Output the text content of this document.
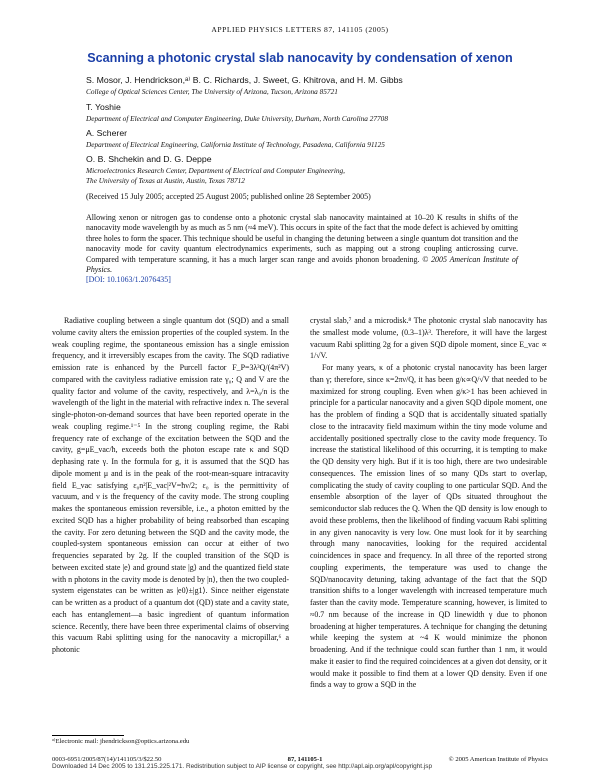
APPLIED PHYSICS LETTERS 87, 141105 (2005)
Scanning a photonic crystal slab nanocavity by condensation of xenon
S. Mosor, J. Hendrickson,ᵃ⁾ B. C. Richards, J. Sweet, G. Khitrova, and H. M. Gibbs
College of Optical Sciences Center, The University of Arizona, Tucson, Arizona 85721
T. Yoshie
Department of Electrical and Computer Engineering, Duke University, Durham, North Carolina 27708
A. Scherer
Department of Electrical Engineering, California Institute of Technology, Pasadena, California 91125
O. B. Shchekin and D. G. Deppe
Microelectronics Research Center, Department of Electrical and Computer Engineering,
The University of Texas at Austin, Austin, Texas 78712
(Received 15 July 2005; accepted 25 August 2005; published online 28 September 2005)
Allowing xenon or nitrogen gas to condense onto a photonic crystal slab nanocavity maintained at 10–20 K results in shifts of the nanocavity mode wavelength by as much as 5 nm (≈4 meV). This occurs in spite of the fact that the mode defect is achieved by omitting three holes to form the spacer. This technique should be useful in changing the detuning between a single quantum dot transition and the nanocavity mode for cavity quantum electrodynamics experiments, such as mapping out a strong coupling anticrossing curve. Compared with temperature scanning, it has a much larger scan range and avoids phonon broadening. © 2005 American Institute of Physics.
[DOI: 10.1063/1.2076435]

Radiative coupling between a single quantum dot (SQD) and a small volume cavity alters the emission properties of the coupled system. In the weak coupling regime, the spontaneous emission has a single emission frequency, and it irreversibly escapes from the cavity. The SQD radiative emission rate is enhanced by the Purcell factor F_P=3λ³Q/(4π²V) compared with the cavityless radiative emission rate γ₀; Q and V are the quality factor and volume of the cavity, respectively, and λ=λ₀/n is the wavelength of the light in the material with refractive index n. The several single-photon-on-demand sources that have been reported operate in the weak coupling regime.¹⁻⁵ In the strong coupling regime, the Rabi frequency rate of exchange of the excitation between the SQD and the cavity, g=μE_vac/ħ, exceeds both the photon escape rate κ and SQD dephasing rate γ. In the formula for g, it is assumed that the SQD has dipole moment μ and is in the peak of the root-mean-square intracavity field E_vac satisfying ε₀n²|E_vac|²V=ħν/2; ε₀ is the permittivity of vacuum, and ν is the frequency of the cavity mode. The strong coupling makes the spontaneous emission reversible, i.e., a photon emitted by the excited SQD has a higher probability of being reabsorbed than escaping the cavity. For zero detuning between the SQD and the cavity mode, the coupled-system spontaneous emission can occur at either of two frequencies separated by 2g. If the coupled transition of the SQD is between excited state |e⟩ and ground state |g⟩ and the quantized field state with n photons in the cavity mode is denoted by |n⟩, then the two coupled-system eigenstates can be written as |e0⟩±|g1⟩. Since neither eigenstate can be written as a product of a quantum dot (QD) state and a cavity state, each has entanglement—a basic ingredient of quantum information science. Recently, there have been three experimental claims of observing this vacuum Rabi splitting using for the nanocavity a micropillar,⁶ a photonic

crystal slab,⁷ and a microdisk.⁸ The photonic crystal slab nanocavity has the smallest mode volume, (0.3–1)λ³. Therefore, it will have the largest vacuum Rabi splitting 2g for a given SQD dipole moment, since E_vac ∝ 1/√V.

For many years, κ of a photonic crystal nanocavity has been larger than γ; therefore, since κ=2πν/Q, it has been g/κ∝Q/√V that needed to be maximized for strong coupling. Even when g/κ>1 has been achieved in principle for a particular nanocavity and a given SQD dipole moment, one has the problem of finding a SQD that is accidentally situated spatially close to the intracavity field maximum within the tiny mode volume and accidentally positioned spectrally close to the cavity mode frequency. To increase the statistical likelihood of this occurring, it is tempting to make the QD density very high. But if it is too high, there are two undesirable consequences. The emission lines of so many QDs start to overlap, complicating the study of cavity coupling to one particular SQD. And the ensemble absorption of the layer of QDs situated throughout the semiconductor slab reduces the Q. When the QD density is low enough to avoid these problems, then the likelihood of finding vacuum Rabi splitting in any given nanocavity is very low. One must look for it by searching through many nanocavities, looking for the required accidental coincidences in space and frequency. In all three of the reported strong coupling experiments, the temperature was used to change the SQD/nanocavity detuning, taking advantage of the fact that the SQD transition shifts to a longer wavelength with increased temperature much faster than the cavity mode. Temperature scanning, however, is limited to ≈0.7 nm because of the increase in QD linewidth γ due to phonon broadening at higher temperatures. A technique for changing the detuning while keeping the system at ~4 K would minimize the phonon broadening. And if the technique could scan further than 1 nm, it would make it easier to find the required coincidences at a given dot density, or it would make it possible to find them at a lower QD density. Even if one finds a way to grow a SQD in the

ᵃ⁾Electronic mail: jhendrickson@optics.arizona.edu
0003-6951/2005/87(14)/141105/3/$22.50	87, 141105-1	© 2005 American Institute of Physics
Downloaded 14 Dec 2005 to 131.215.225.171. Redistribution subject to AIP license or copyright, see http://apl.aip.org/apl/copyright.jsp
